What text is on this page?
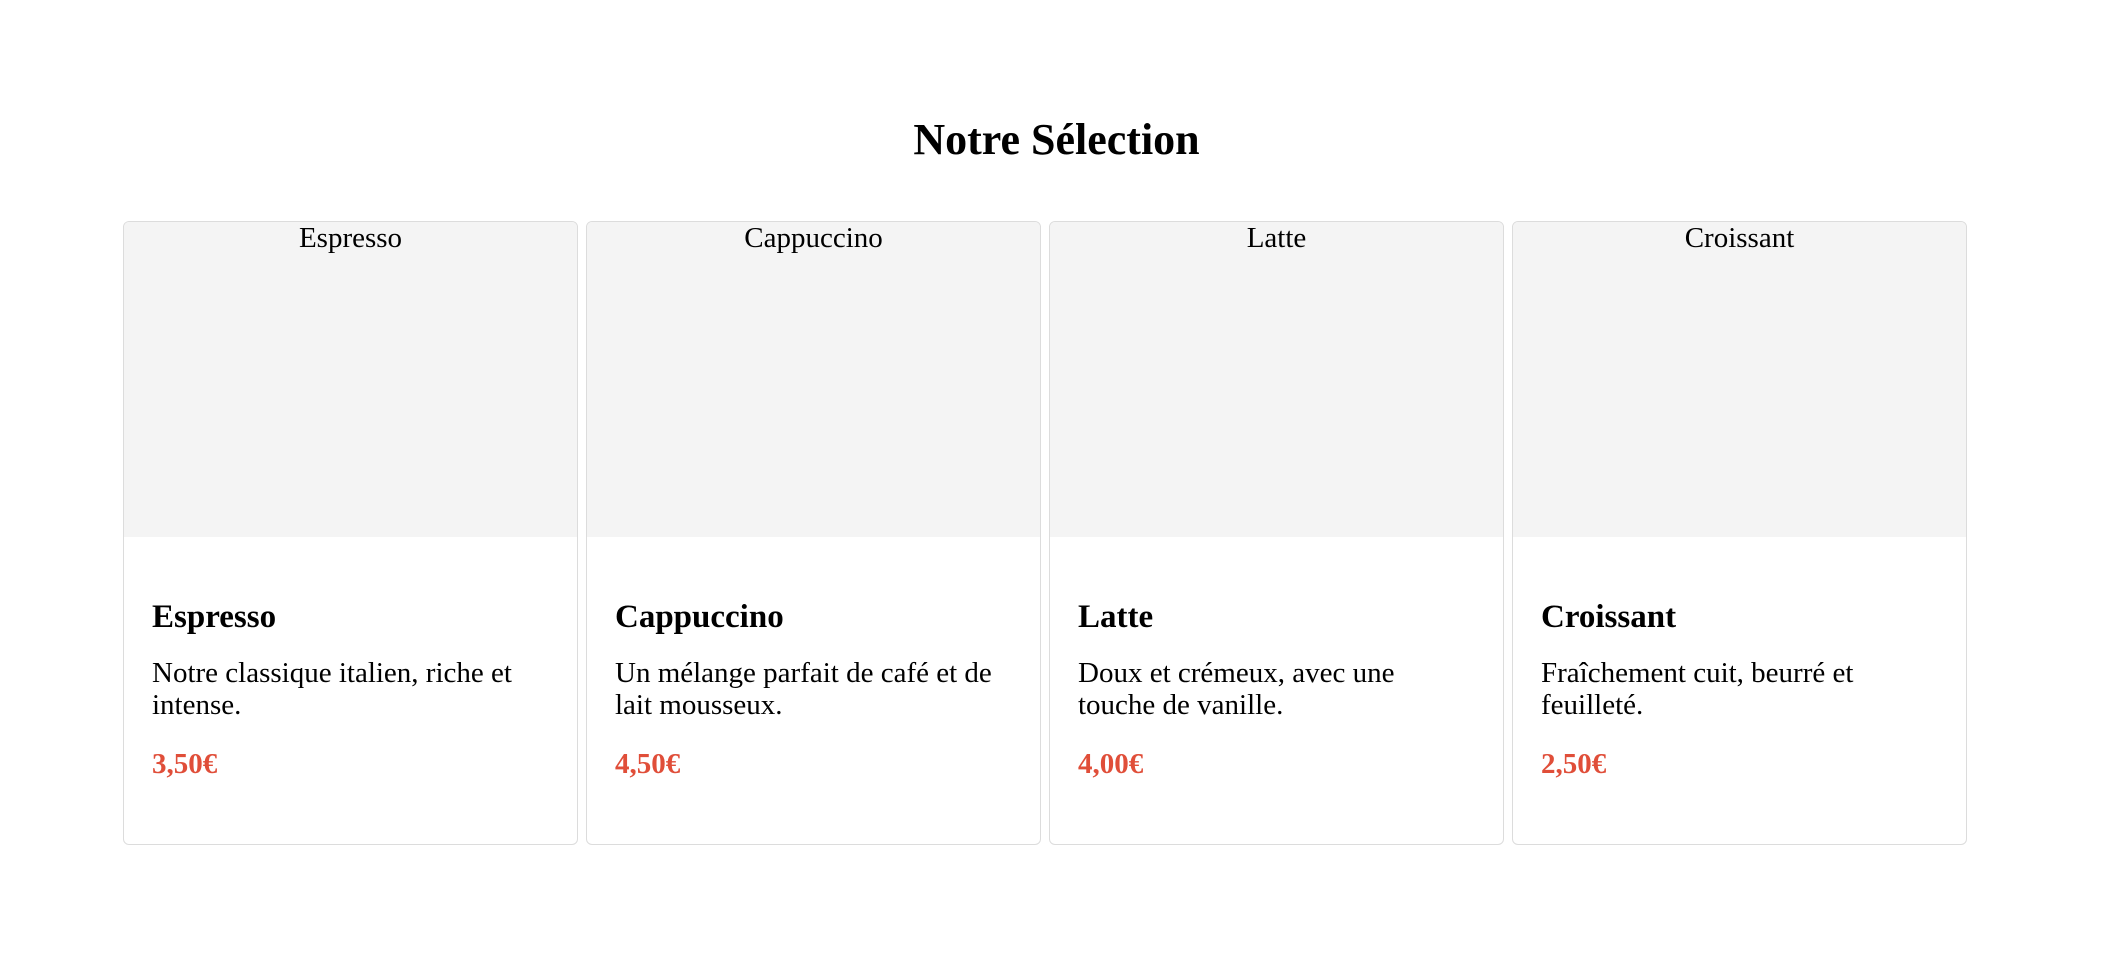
Notre Sélection
Espresso
Espresso

Notre classique italien, riche et intense.

3,50€

Cappuccino
Cappuccino

Un mélange parfait de café et de lait mousseux.

4,50€

Latte
Latte

Doux et crémeux, avec une touche de vanille.

4,00€

Croissant
Croissant

Fraîchement cuit, beurré et feuilleté.

2,50€
